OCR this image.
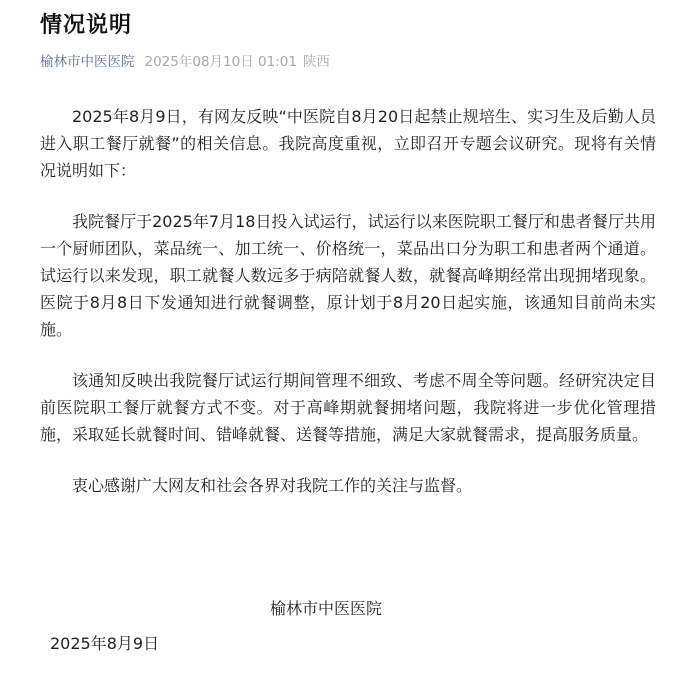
情况说明
榆林市中医医院 2025年08月10日 01:01 陕西

2025年8月9日，有网友反映“中医院自8月20日起禁止规培生、实习生及后勤人员进入职工餐厅就餐”的相关信息。我院高度重视，立即召开专题会议研究。现将有关情况说明如下：

我院餐厅于2025年7月18日投入试运行，试运行以来医院职工餐厅和患者餐厅共用一个厨师团队，菜品统一、加工统一、价格统一，菜品出口分为职工和患者两个通道。试运行以来发现，职工就餐人数远多于病陪就餐人数，就餐高峰期经常出现拥堵现象。医院于8月8日下发通知进行就餐调整，原计划于8月20日起实施，该通知目前尚未实施。

该通知反映出我院餐厅试运行期间管理不细致、考虑不周全等问题。经研究决定目前医院职工餐厅就餐方式不变。对于高峰期就餐拥堵问题，我院将进一步优化管理措施，采取延长就餐时间、错峰就餐、送餐等措施，满足大家就餐需求，提高服务质量。

衷心感谢广大网友和社会各界对我院工作的关注与监督。

榆林市中医医院
2025年8月9日
